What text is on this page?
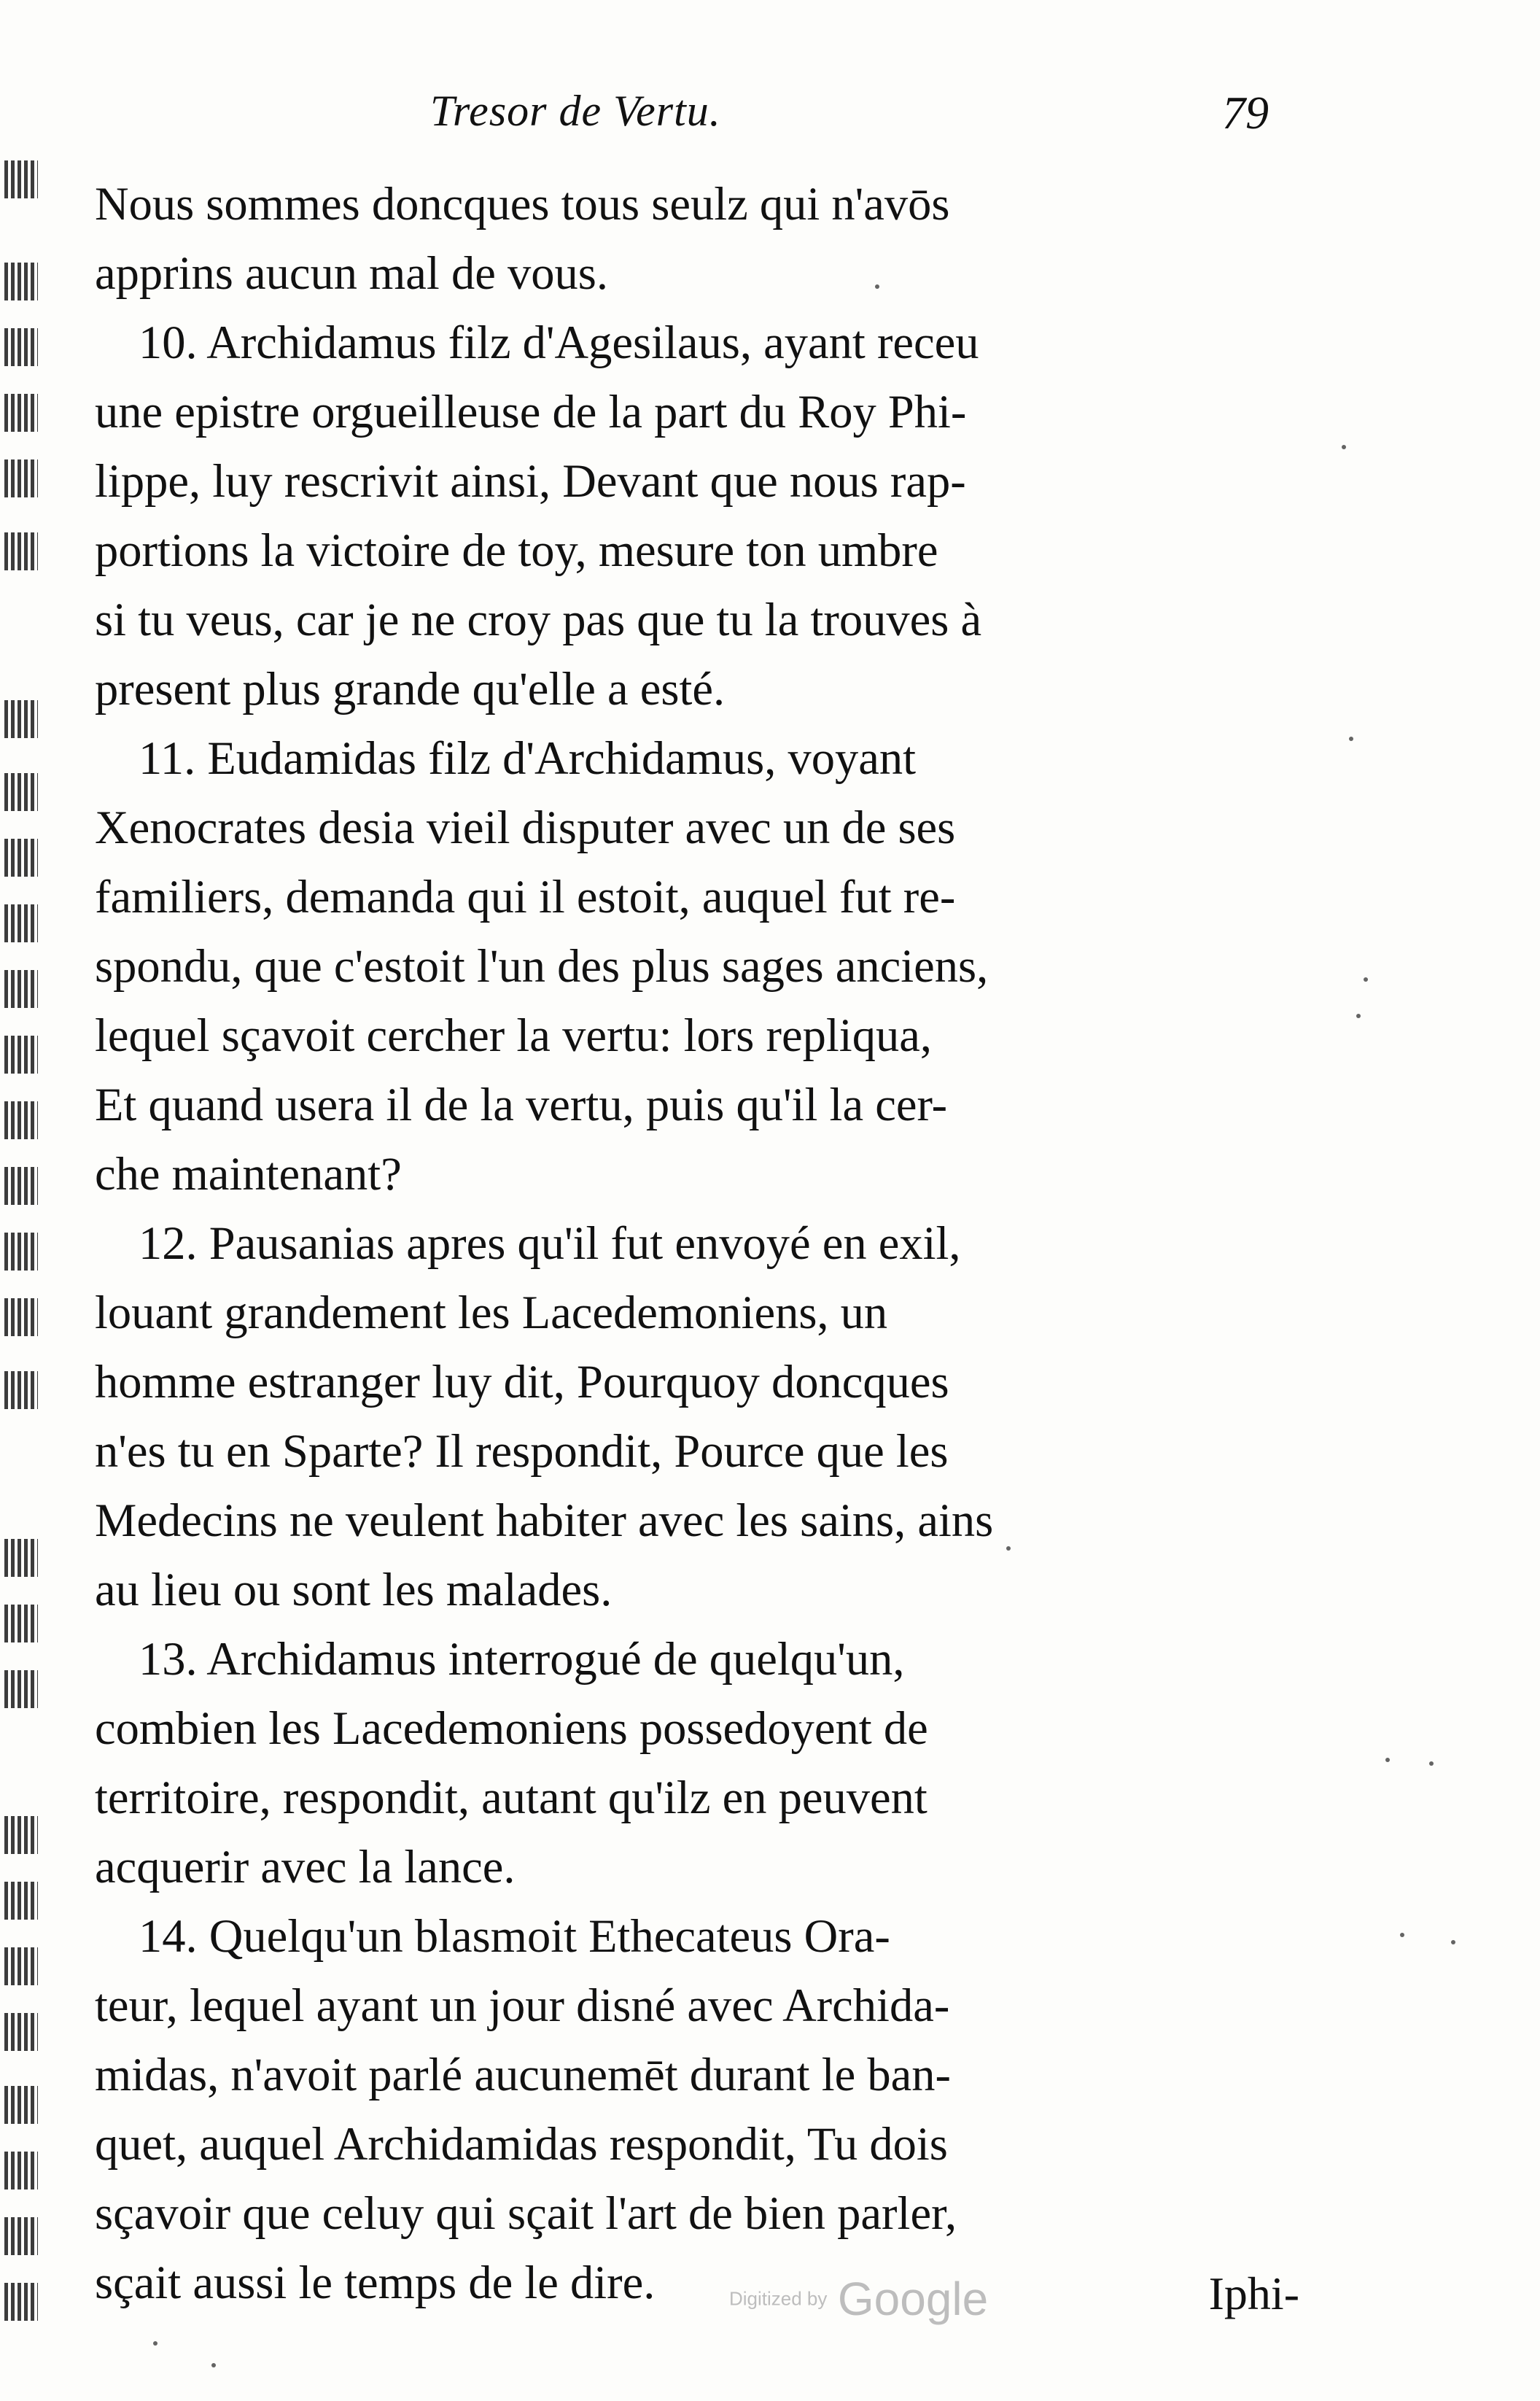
Tresor de Vertu.	79
Nous sommes doncques tous seulz qui n'avōs
apprins aucun mal de vous.
10. Archidamus filz d'Agesilaus, ayant receu
une epistre orgueilleuse de la part du Roy Phi-
lippe, luy rescrivit ainsi, Devant que nous rap-
portions la victoire de toy, mesure ton umbre
si tu veus, car je ne croy pas que tu la trouves à
present plus grande qu'elle a esté.
11. Eudamidas filz d'Archidamus, voyant
Xenocrates desia vieil disputer avec un de ses
familiers, demanda qui il estoit, auquel fut re-
spondu, que c'estoit l'un des plus sages anciens,
lequel sçavoit cercher la vertu: lors repliqua,
Et quand usera il de la vertu, puis qu'il la cer-
che maintenant?
12. Pausanias apres qu'il fut envoyé en exil,
louant grandement les Lacedemoniens, un
homme estranger luy dit, Pourquoy doncques
n'es tu en Sparte? Il respondit, Pource que les
Medecins ne veulent habiter avec les sains, ains
au lieu ou sont les malades.
13. Archidamus interrogué de quelqu'un,
combien les Lacedemoniens possedoyent de
territoire, respondit, autant qu'ilz en peuvent
acquerir avec la lance.
14. Quelqu'un blasmoit Ethecateus Ora-
teur, lequel ayant un jour disné avec Archida-
midas, n'avoit parlé aucunemēt durant le ban-
quet, auquel Archidamidas respondit, Tu dois
sçavoir que celuy qui sçait l'art de bien parler,
sçait aussi le temps de le dire.	Digitized by Google	Iphi-
